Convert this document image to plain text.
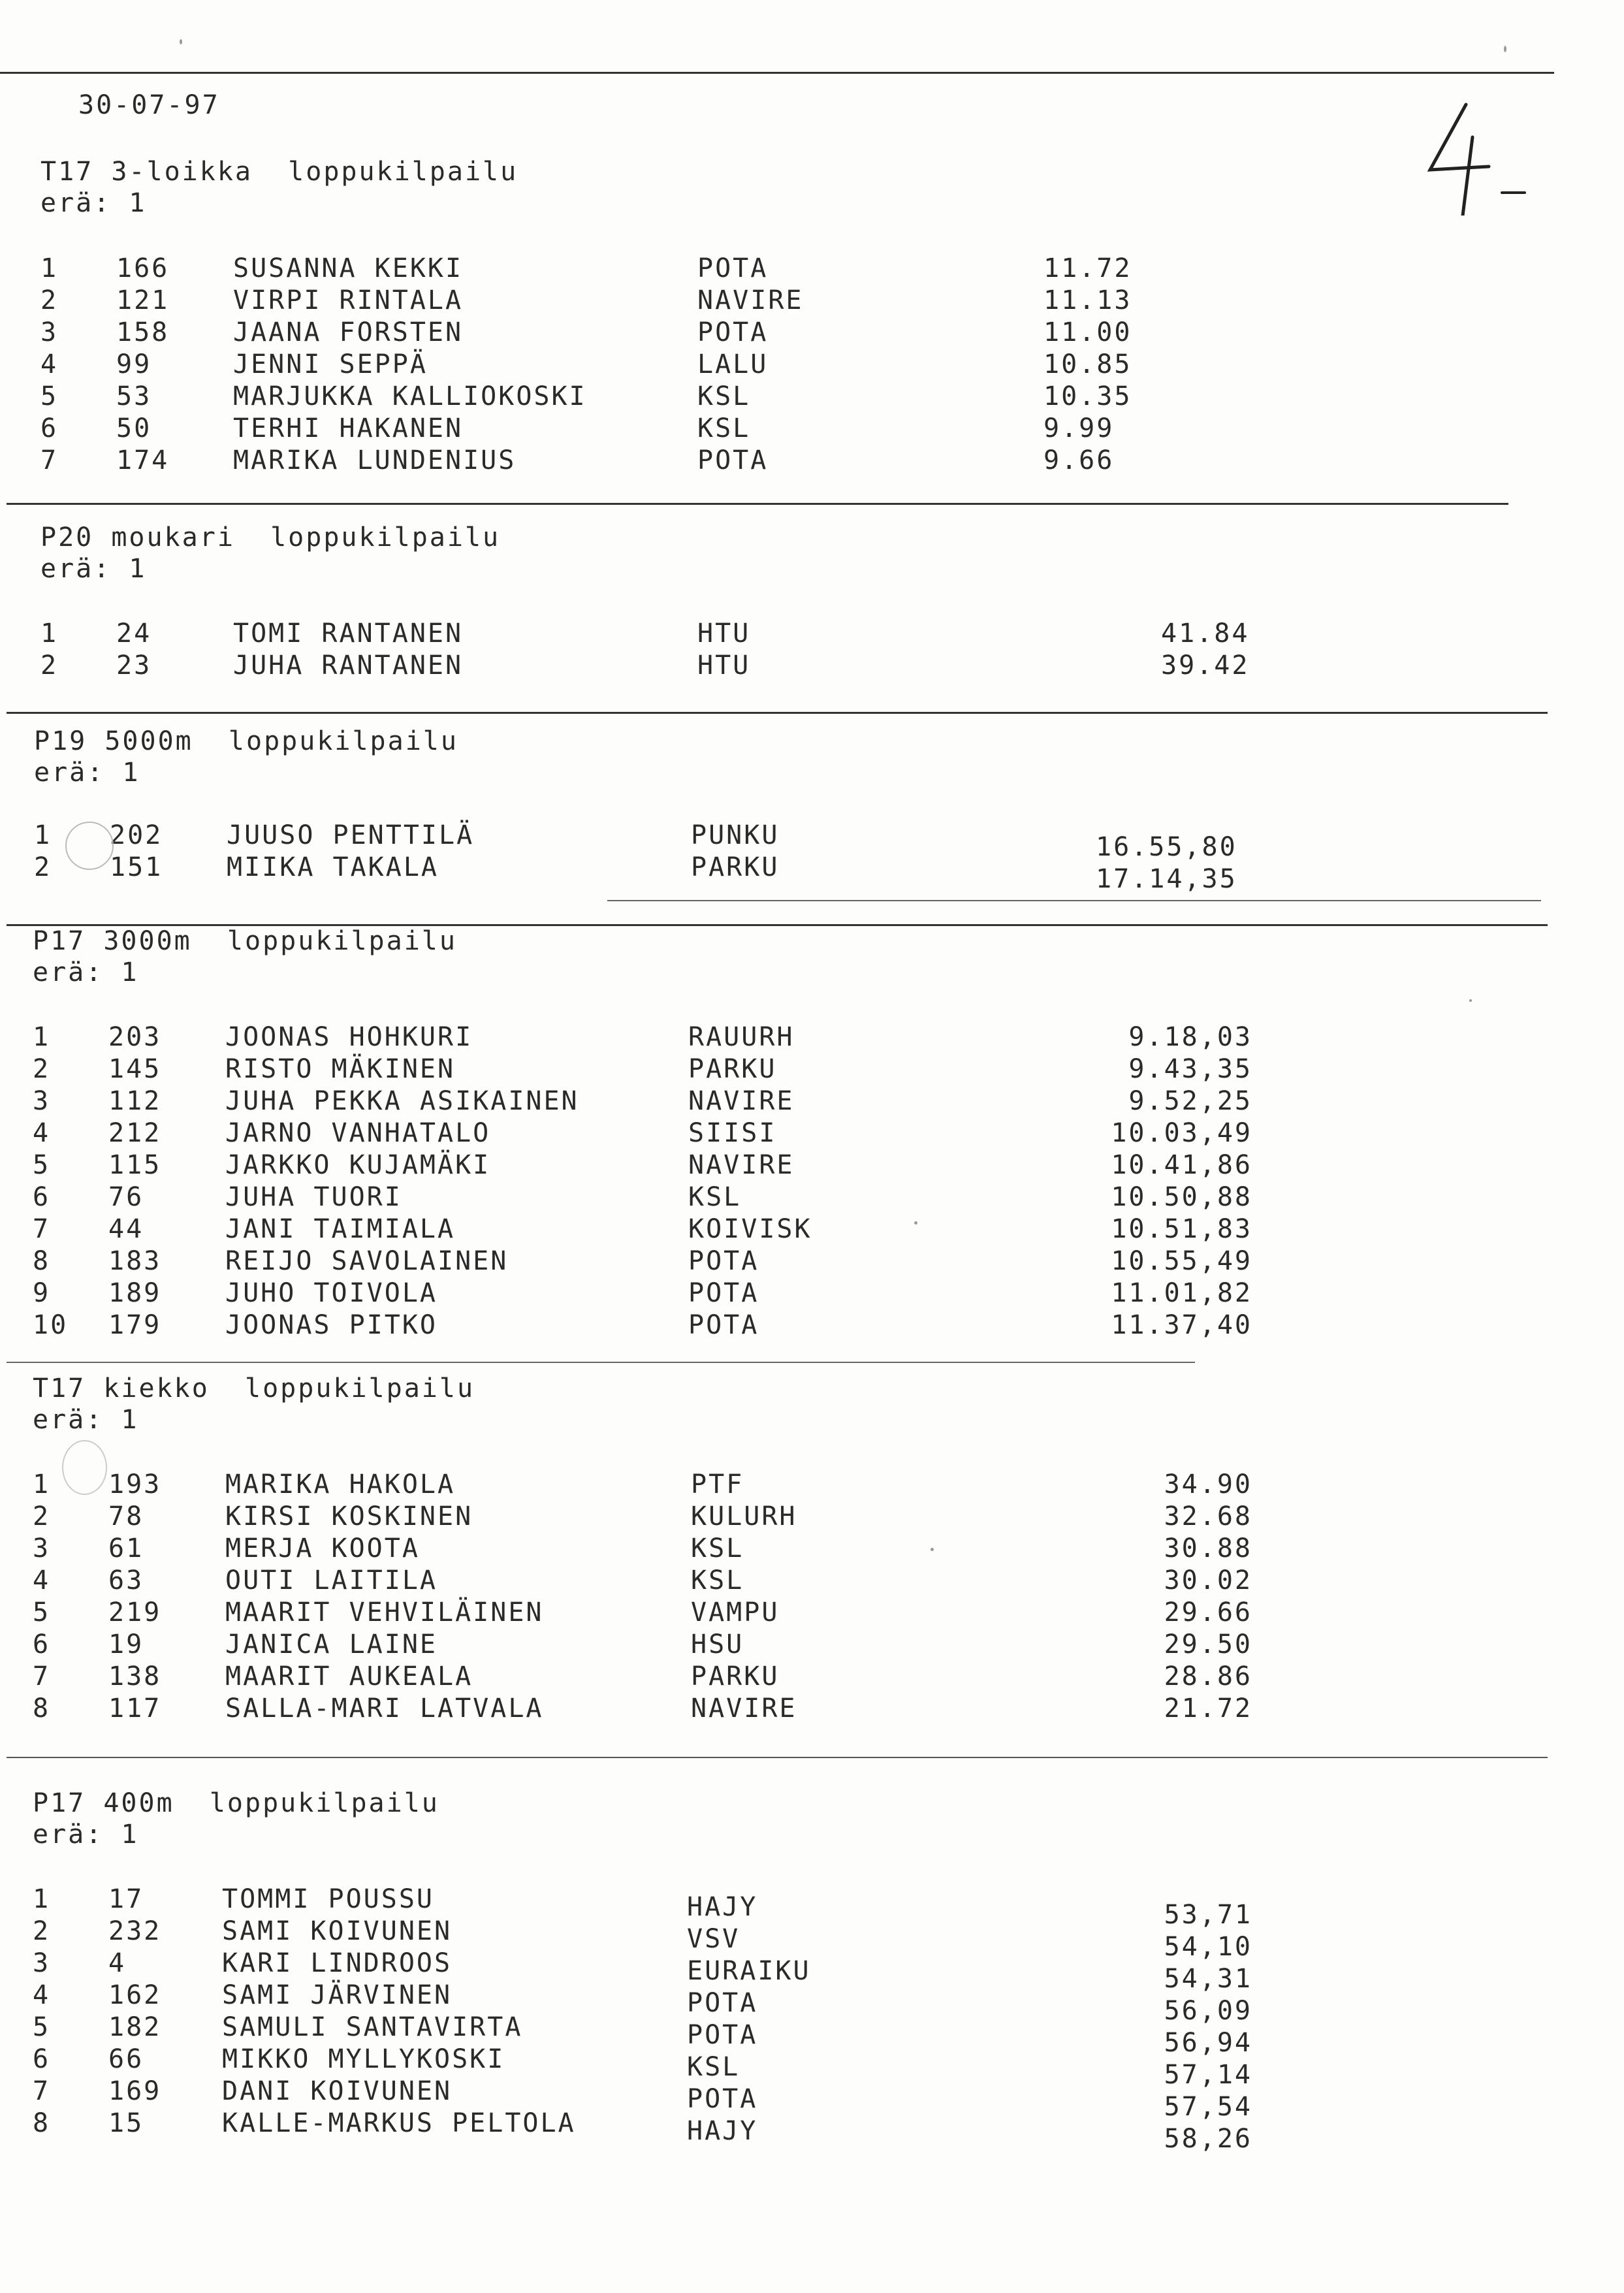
30-07-97
T17 3-loikka  loppukilpailu
erä: 1
1	166	SUSANNA KEKKI	POTA	11.72
2	121	VIRPI RINTALA	NAVIRE	11.13
3	158	JAANA FORSTEN	POTA	11.00
4	99	JENNI SEPPÄ	LALU	10.85
5	53	MARJUKKA KALLIOKOSKI	KSL	10.35
6	50	TERHI HAKANEN	KSL	9.99
7	174	MARIKA LUNDENIUS	POTA	9.66
P20 moukari  loppukilpailu
erä: 1
1	24	TOMI RANTANEN	HTU	41.84
2	23	JUHA RANTANEN	HTU	39.42
P19 5000m  loppukilpailu
erä: 1
1	202	JUUSO PENTTILÄ	PUNKU	16.55,80
2	151	MIIKA TAKALA	PARKU	17.14,35
P17 3000m  loppukilpailu
erä: 1
1	203	JOONAS HOHKURI	RAUURH	9.18,03
2	145	RISTO MÄKINEN	PARKU	9.43,35
3	112	JUHA PEKKA ASIKAINEN	NAVIRE	9.52,25
4	212	JARNO VANHATALO	SIISI	10.03,49
5	115	JARKKO KUJAMÄKI	NAVIRE	10.41,86
6	76	JUHA TUORI	KSL	10.50,88
7	44	JANI TAIMIALA	KOIVISK	10.51,83
8	183	REIJO SAVOLAINEN	POTA	10.55,49
9	189	JUHO TOIVOLA	POTA	11.01,82
10	179	JOONAS PITKO	POTA	11.37,40
T17 kiekko  loppukilpailu
erä: 1
1	193	MARIKA HAKOLA	PTF	34.90
2	78	KIRSI KOSKINEN	KULURH	32.68
3	61	MERJA KOOTA	KSL	30.88
4	63	OUTI LAITILA	KSL	30.02
5	219	MAARIT VEHVILÄINEN	VAMPU	29.66
6	19	JANICA LAINE	HSU	29.50
7	138	MAARIT AUKEALA	PARKU	28.86
8	117	SALLA-MARI LATVALA	NAVIRE	21.72
P17 400m  loppukilpailu
erä: 1
1	17	TOMMI POUSSU	HAJY	53,71
2	232	SAMI KOIVUNEN	VSV	54,10
3	4	KARI LINDROOS	EURAIKU	54,31
4	162	SAMI JÄRVINEN	POTA	56,09
5	182	SAMULI SANTAVIRTA	POTA	56,94
6	66	MIKKO MYLLYKOSKI	KSL	57,14
7	169	DANI KOIVUNEN	POTA	57,54
8	15	KALLE-MARKUS PELTOLA	HAJY	58,26
